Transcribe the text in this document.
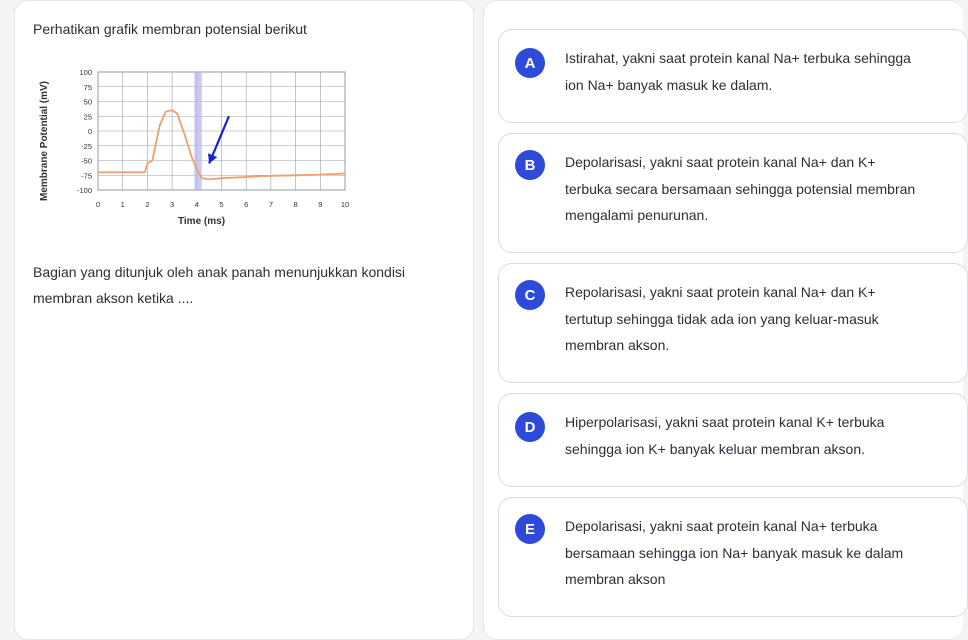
Perhatikan grafik membran potensial berikut
100
75
50
25
0
-25
-50
-75
-100
0	1	2	3	4	5	6	7	8	9 10
Time (ms)
Membrane Potential (mV)
Bagian yang ditunjuk oleh anak panah menunjukkan kondisi membran akson ketika ....
A	Istirahat, yakni saat protein kanal Na+ terbuka sehingga ion Na+ banyak masuk ke dalam.
B	Depolarisasi, yakni saat protein kanal Na+ dan K+ terbuka secara bersamaan sehingga potensial membran mengalami penurunan.
C	Repolarisasi, yakni saat protein kanal Na+ dan K+ tertutup sehingga tidak ada ion yang keluar-masuk membran akson.
D	Hiperpolarisasi, yakni saat protein kanal K+ terbuka sehingga ion K+ banyak keluar membran akson.
E	Depolarisasi, yakni saat protein kanal Na+ terbuka bersamaan sehingga ion Na+ banyak masuk ke dalam membran akson
